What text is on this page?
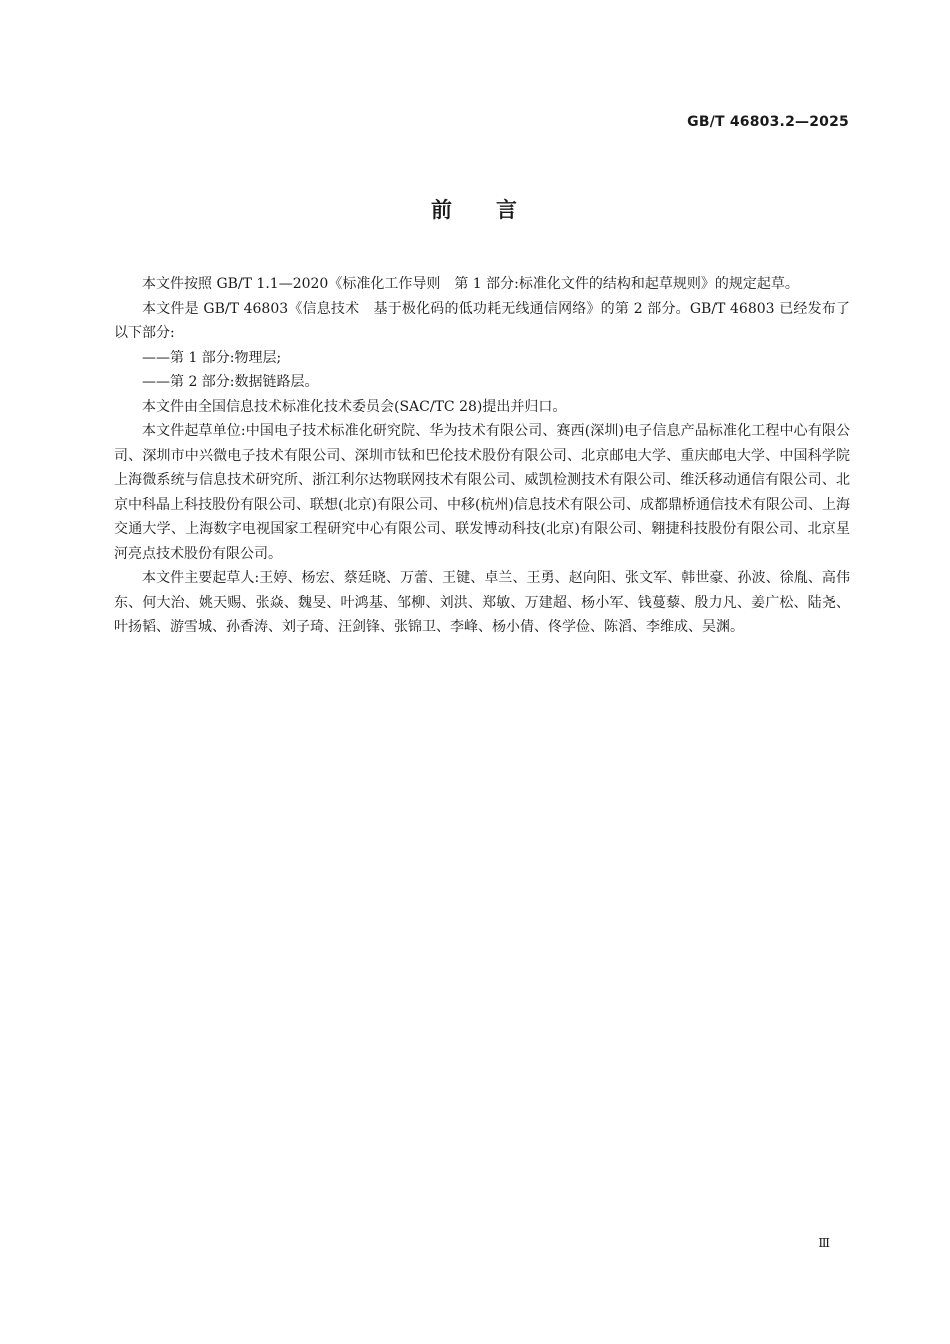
GB/T 46803.2—2025
前 言

本文件按照 GB/T 1.1—2020《标准化工作导则　第 1 部分:标准化文件的结构和起草规则》的规定起草。

本文件是 GB/T 46803《信息技术　基于极化码的低功耗无线通信网络》的第 2 部分。GB/T 46803 已经发布了以下部分:

——第 1 部分:物理层;

——第 2 部分:数据链路层。

本文件由全国信息技术标准化技术委员会(SAC/TC 28)提出并归口。

本文件起草单位:中国电子技术标准化研究院、华为技术有限公司、赛西(深圳)电子信息产品标准化工程中心有限公司、深圳市中兴微电子技术有限公司、深圳市钛和巴伦技术股份有限公司、北京邮电大学、重庆邮电大学、中国科学院上海微系统与信息技术研究所、浙江利尔达物联网技术有限公司、威凯检测技术有限公司、维沃移动通信有限公司、北京中科晶上科技股份有限公司、联想(北京)有限公司、中移(杭州)信息技术有限公司、成都鼎桥通信技术有限公司、上海交通大学、上海数字电视国家工程研究中心有限公司、联发博动科技(北京)有限公司、翱捷科技股份有限公司、北京星河亮点技术股份有限公司。

本文件主要起草人:王婷、杨宏、蔡廷晓、万蕾、王键、卓兰、王勇、赵向阳、张文军、韩世豪、孙波、徐胤、高伟东、何大治、姚天赐、张焱、魏旻、叶鸿基、邹柳、刘洪、郑敏、万建超、杨小军、钱蔓藜、殷力凡、姜广松、陆尧、叶扬韬、游雪城、孙香涛、刘子琦、汪剑锋、张锦卫、李峰、杨小倩、佟学俭、陈滔、李维成、吴渊。

Ⅲ
